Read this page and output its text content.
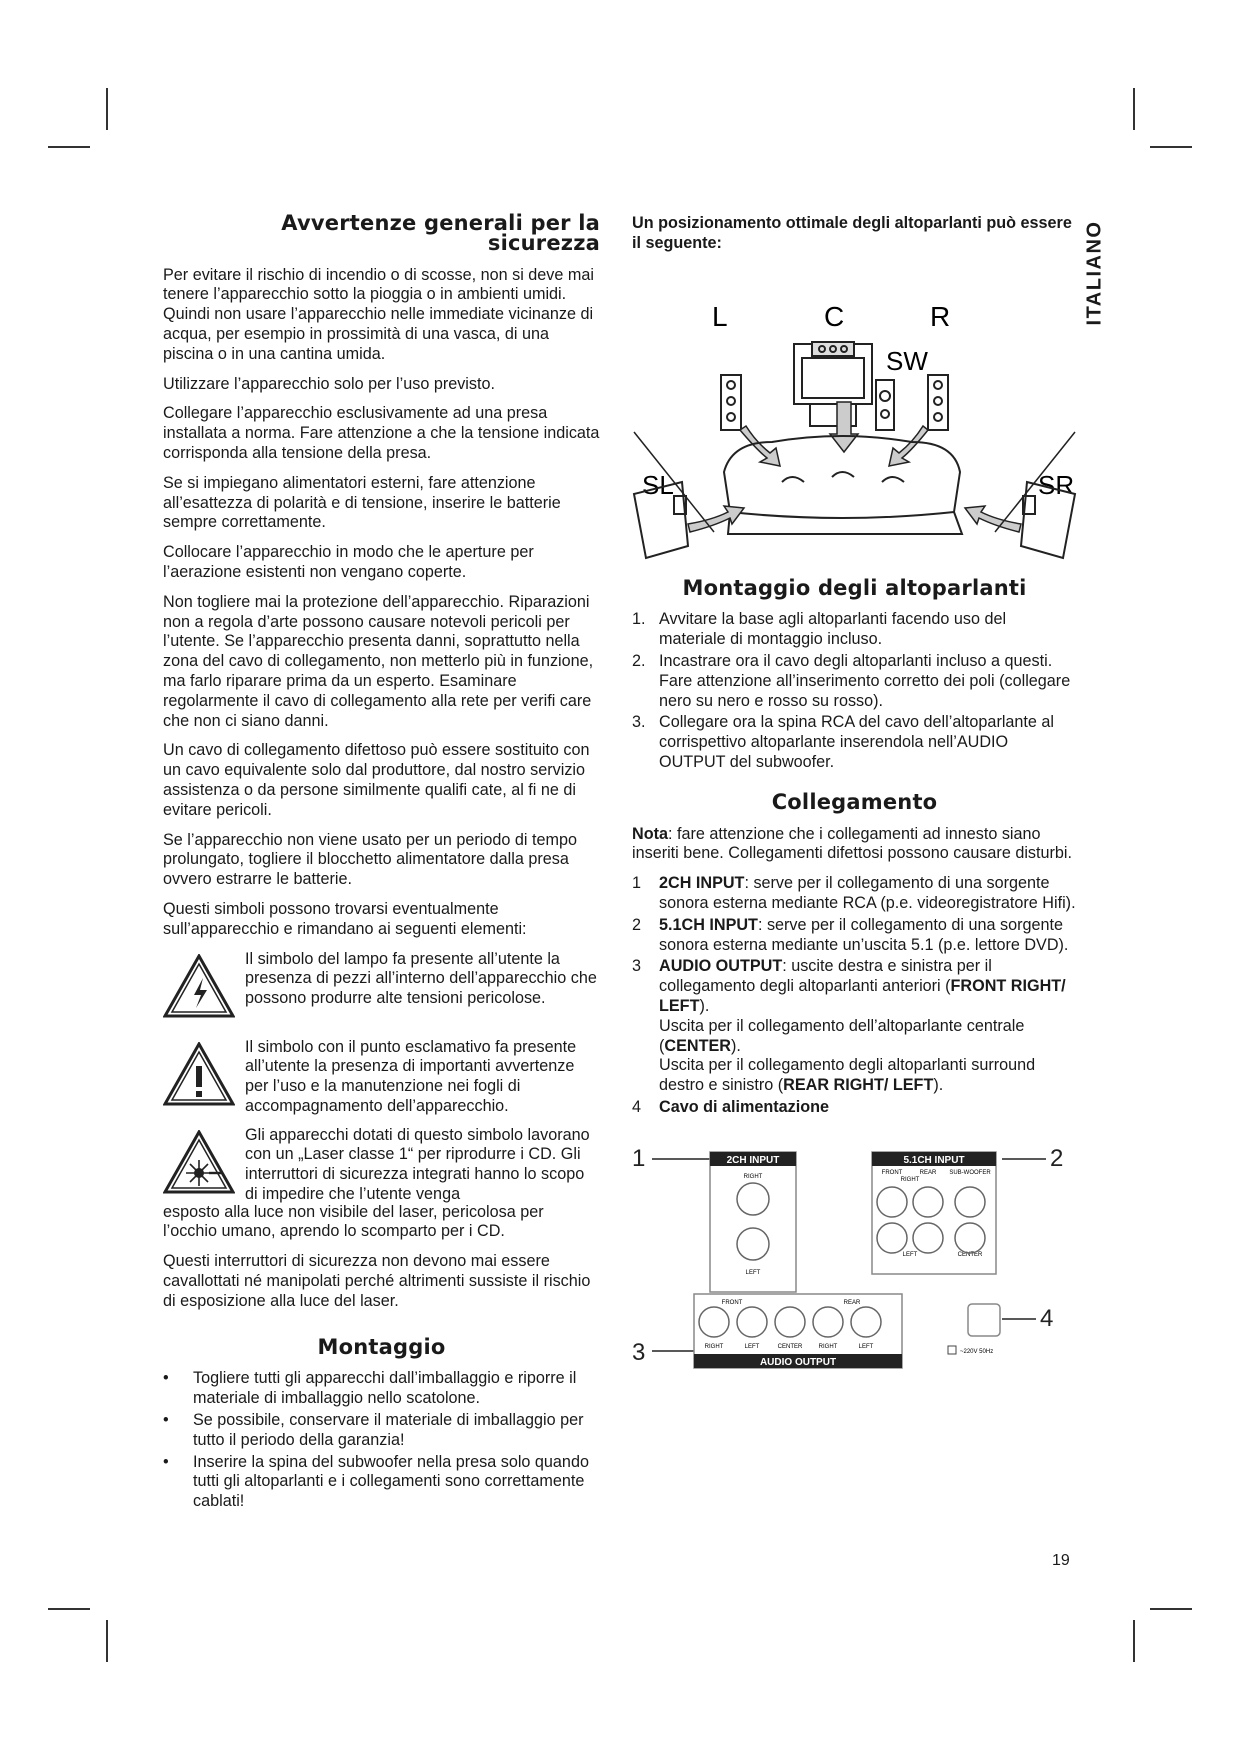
ITALIANO
Avvertenze generali per la sicurezza

Per evitare il rischio di incendio o di scosse, non si deve mai tenere l’apparecchio sotto la pioggia o in ambienti umidi. Quindi non usare l’apparecchio nelle immediate vicinanze di acqua, per esempio in prossimità di una vasca, di una piscina o in una cantina umida.

Utilizzare l’apparecchio solo per l’uso previsto.

Collegare l’apparecchio esclusivamente ad una presa installata a norma. Fare attenzione a che la tensione indicata corrisponda alla tensione della presa.

Se si impiegano alimentatori esterni, fare attenzione all’esattezza di polarità e di tensione, inserire le batterie sempre correttamente.

Collocare l’apparecchio in modo che le aperture per l’aerazione esistenti non vengano coperte.

Non togliere mai la protezione dell’apparecchio. Riparazioni non a regola d’arte possono causare notevoli pericoli per l’utente. Se l’apparecchio presenta danni, soprattutto nella zona del cavo di collegamento, non metterlo più in funzione, ma farlo riparare prima da un esperto. Esaminare regolarmente il cavo di collegamento alla rete per verifi care che non ci siano danni.

Un cavo di collegamento difettoso può essere sostituito con un cavo equivalente solo dal produttore, dal nostro servizio assistenza o da persone similmente qualifi cate, al fi ne di evitare pericoli.

Se l’apparecchio non viene usato per un periodo di tempo prolungato, togliere il blocchetto alimentatore dalla presa ovvero estrarre le batterie.

Questi simboli possono trovarsi eventualmente sull’apparecchio e rimandano ai seguenti elementi:

Il simbolo del lampo fa presente all’utente la presenza di pezzi all’interno dell’apparecchio che possono produrre alte tensioni pericolose.
Il simbolo con il punto esclamativo fa presente all’utente la presenza di importanti avvertenze per l’uso e la manutenzione nei fogli di accompagnamento dell’apparecchio.
Gli apparecchi dotati di questo simbolo lavorano con un „Laser classe 1“ per riprodurre i CD. Gli interruttori di sicurezza integrati hanno lo scopo di impedire che l’utente venga

esposto alla luce non visibile del laser, pericolosa per l’occhio umano, aprendo lo scomparto per i CD.

Questi interruttori di sicurezza non devono mai essere cavallottati né manipolati perché altrimenti sussiste il rischio di esposizione alla luce del laser.

Montaggio
• Togliere tutti gli apparecchi dall’imballaggio e riporre il materiale di imballaggio nello scatolone.
• Se possibile, conservare il materiale di imballaggio per tutto il periodo della garanzia!
• Inserire la spina del subwoofer nella presa solo quando tutti gli altoparlanti e i collegamenti sono correttamente cablati!

Un posizionamento ottimale degli altoparlanti può essere il seguente:

L	C	R
SW
SL	SR
Montaggio degli altoparlanti
1. Avvitare la base agli altoparlanti facendo uso del materiale di montaggio incluso.
2. Incastrare ora il cavo degli altoparlanti incluso a questi. Fare attenzione all’inserimento corretto dei poli (collegare nero su nero e rosso su rosso).
3. Collegare ora la spina RCA del cavo dell’altoparlante al corrispettivo altoparlante inserendola nell’AUDIO OUTPUT del subwoofer.
Collegamento

Nota: fare attenzione che i collegamenti ad innesto siano inseriti bene. Collegamenti difettosi possono causare disturbi.

1 2CH INPUT: serve per il collegamento di una sorgente sonora esterna mediante RCA (p.e. videoregistratore Hifi).
2 5.1CH INPUT: serve per il collegamento di una sorgente sonora esterna mediante un’uscita 5.1 (p.e. lettore DVD).
3 AUDIO OUTPUT: uscite destra e sinistra per il collegamento degli altoparlanti anteriori (FRONT RIGHT/ LEFT).
Uscita per il collegamento dell’altoparlante centrale (CENTER).
Uscita per il collegamento degli altoparlanti surround destro e sinistro (REAR RIGHT/ LEFT).
4 Cavo di alimentazione
1	2
3
4
2CH INPUT
RIGHT
LEFT
5.1CH INPUT
FRONT	REAR SUB-WOOFER
RIGHT
LEFT	CENTER
AUDIO OUTPUT
FRONT	REAR
RIGHT	LEFT	CENTER	RIGHT	LEFT
~220V 50Hz
19
